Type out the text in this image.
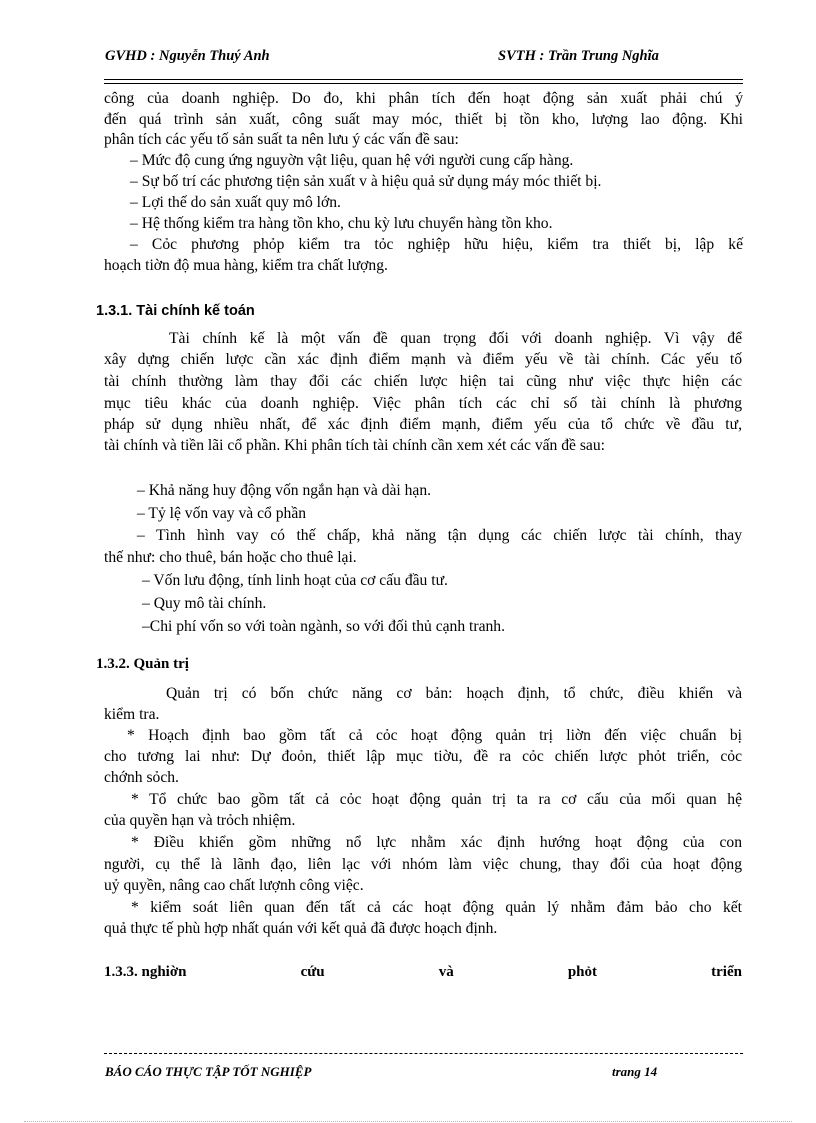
GVHD : Nguyễn Thuý Anh	SVTH : Trần Trung Nghĩa
công của doanh nghiệp. Do đo, khi phân tích đến hoạt động sản xuất phải chú ý
đến quá trình sản xuất, công suất may móc, thiết bị tồn kho, lượng lao động. Khi
phân tích các yếu tố sản suất ta nên lưu ý các vấn đề sau:
– Mức độ cung ứng nguyờn vật liệu, quan hệ với người cung cấp hàng.
– Sự bố trí các phương tiện sản xuất v à hiệu quả sử dụng máy móc thiết bị.
– Lợi thế do sản xuất quy mô lớn.
– Hệ thống kiểm tra hàng tồn kho, chu kỳ lưu chuyển hàng tồn kho.
– Cỏc phương phỏp kiểm tra tỏc nghiệp hữu hiệu, kiểm tra thiết bị, lập kế
hoạch tiờn độ mua hàng, kiểm tra chất lượng.
1.3.1. Tài chính kế toán
Tài chính kế là một vấn đề quan trọng đối với doanh nghiệp. Vì vậy để
xây dựng chiến lược cần xác định điểm mạnh và điểm yếu về tài chính. Các yếu tố
tài chính thường làm thay đổi các chiến lược hiện tai cũng như việc thực hiện các
mục tiêu khác của doanh nghiệp. Việc phân tích các chỉ số tài chính là phương
pháp sử dụng nhiều nhất, để xác định điểm mạnh, điểm yếu của tổ chức về đầu tư,
tài chính và tiền lãi cổ phần. Khi phân tích tài chính cần xem xét các vấn đề sau:
– Khả năng huy động vốn ngắn hạn và dài hạn.
– Tỷ lệ vốn vay và cổ phần
– Tình hình vay có thế chấp, khả năng tận dụng các chiến lược tài chính, thay
thế như: cho thuê, bán hoặc cho thuê lại.
– Vốn lưu động, tính linh hoạt của cơ cấu đầu tư.
– Quy mô tài chính.
–Chi phí vốn so với toàn ngành, so với đối thủ cạnh tranh.
1.3.2. Quản trị
Quản trị có bốn chức năng cơ bản: hoạch định, tổ chức, điều khiển và
kiểm tra.
* Hoạch định bao gồm tất cả cỏc hoạt động quản trị liờn đến việc chuẩn bị
cho tương lai như: Dự đoỏn, thiết lập mục tiờu, đề ra cỏc chiến lược phỏt triển, cỏc
chớnh sỏch.
* Tổ chức bao gồm tất cả cỏc hoạt động quản trị ta ra cơ cấu của mối quan hệ
của quyền hạn và trỏch nhiệm.
* Điều khiển gồm những nổ lực nhằm xác định hướng hoạt động của con
người, cụ thể là lãnh đạo, liên lạc với nhóm làm việc chung, thay đổi của hoạt động
uỷ quyền, nâng cao chất lượnh công việc.
* kiểm soát liên quan đến tất cả các hoạt động quản lý nhằm đảm bảo cho kết
quả thực tế phù hợp nhất quán với kết quả đã được hoạch định.
1.3.3. nghiờn	cứu	và	phỏt	triển
BÁO CÁO THỰC TẬP TỐT NGHIỆP	trang 14
